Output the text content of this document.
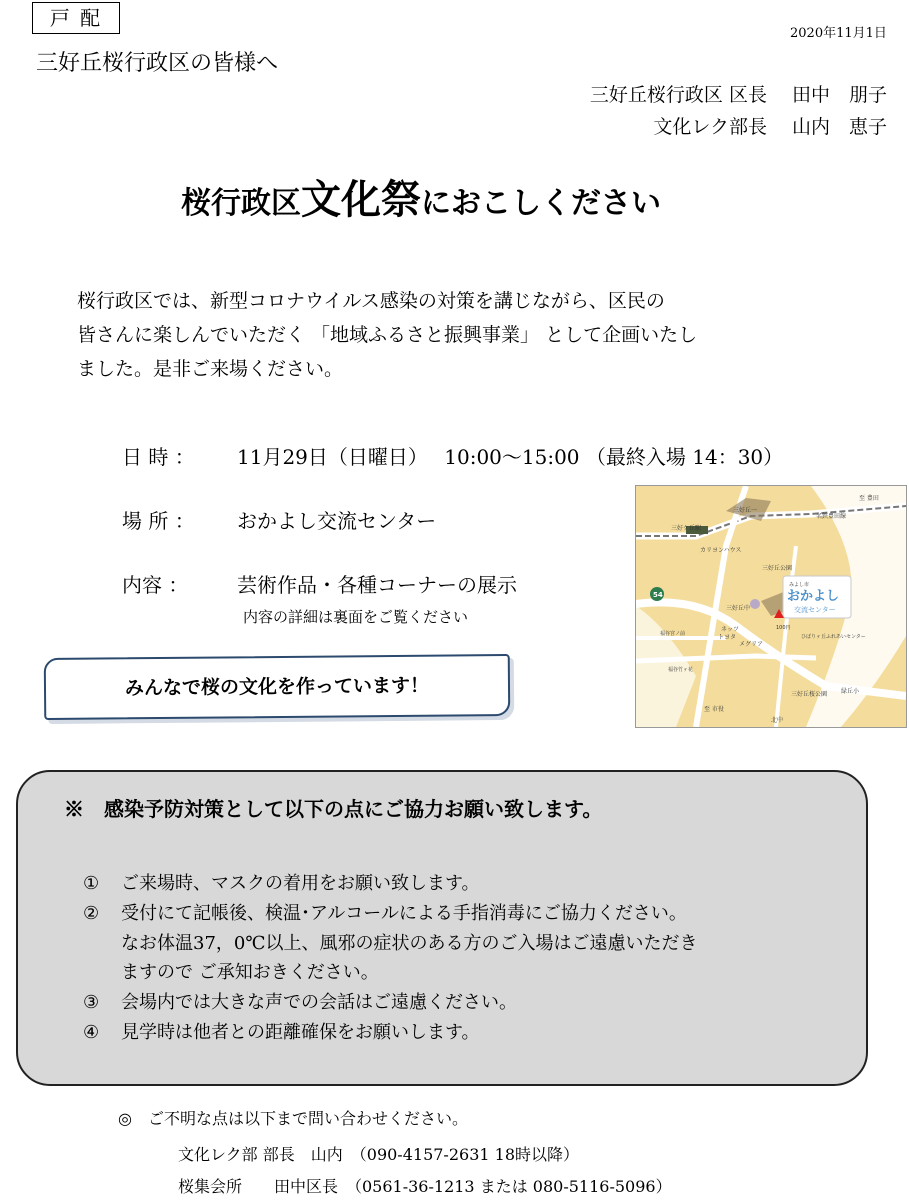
戸 配
2020年11月1日
三好丘桜行政区の皆様へ
三好丘桜行政区 区長　 田中　朋子
文化レク部長　 山内　恵子
桜行政区文化祭におこしください
桜行政区では、新型コロナウイルス感染の対策を講じながら、区民の
皆さんに楽しんでいただく 「地域ふるさと振興事業」 として企画いたし
ました。是非ご来場ください。
日 時 ： 11月29日（日曜日）　 10:00～15:00 （最終入場 14：30）
場 所 ： おかよし交流センター
内容 ： 芸術作品・各種コーナーの展示
内容の詳細は裏面をご覧ください
みんなで桜の文化を作っています！
54
みよし市
おかよし
交流センター
至 豊田
三好ケ丘駅
三好丘一
名鉄豊田線
カリヨンハウス
三好丘公園
三好丘中
ネッツ
トヨタ
メグリア
100円
ひばりヶ丘ふれあいセンター
福谷宮ノ前
福谷竹ヶ花
三好丘桜公園 緑丘小
北中
至 市役
※　感染予防対策として以下の点にご協力お願い致します。
① ご来場時、マスクの着用をお願い致します。
② 受付にて記帳後、検温･アルコールによる手指消毒にご協力ください。
なお体温37，0℃以上、風邪の症状のある方のご入場はご遠慮いただき
ますので ご承知おきください。
③ 会場内では大きな声での会話はご遠慮ください。
④ 見学時は他者との距離確保をお願いします。
◎　ご不明な点は以下まで問い合わせください。
文化レク部 部長　山内　（090-4157-2631 18時以降）
桜集会所　　田中区長　（0561-36-1213 または 080-5116-5096）
